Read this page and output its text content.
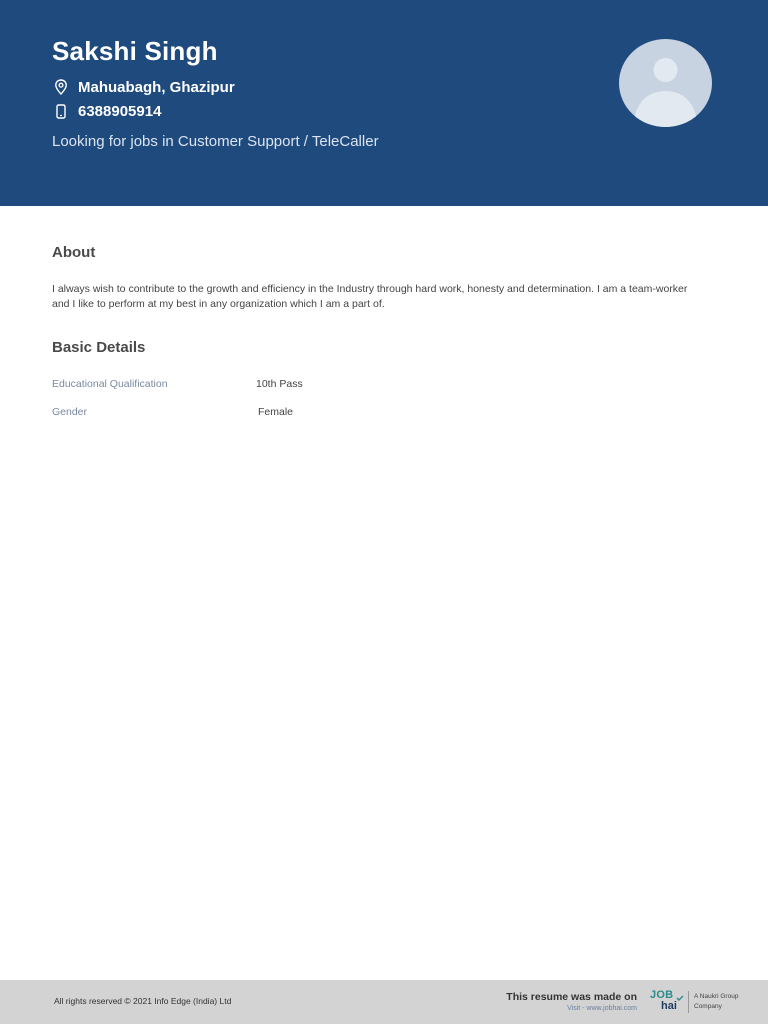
Sakshi Singh
Mahuabagh, Ghazipur
6388905914
Looking for jobs in Customer Support / TeleCaller
About
I always wish to contribute to the growth and efficiency in the Industry through hard work, honesty and determination. I am a team-worker and I like to perform at my best in any organization which I am a part of.
Basic Details
Educational Qualification	10th Pass
Gender	Female
All rights reserved © 2021 Info Edge (India) Ltd	This resume was made on
Visit - www.jobhai.com
JOB
hai
A Naukri Group Company
